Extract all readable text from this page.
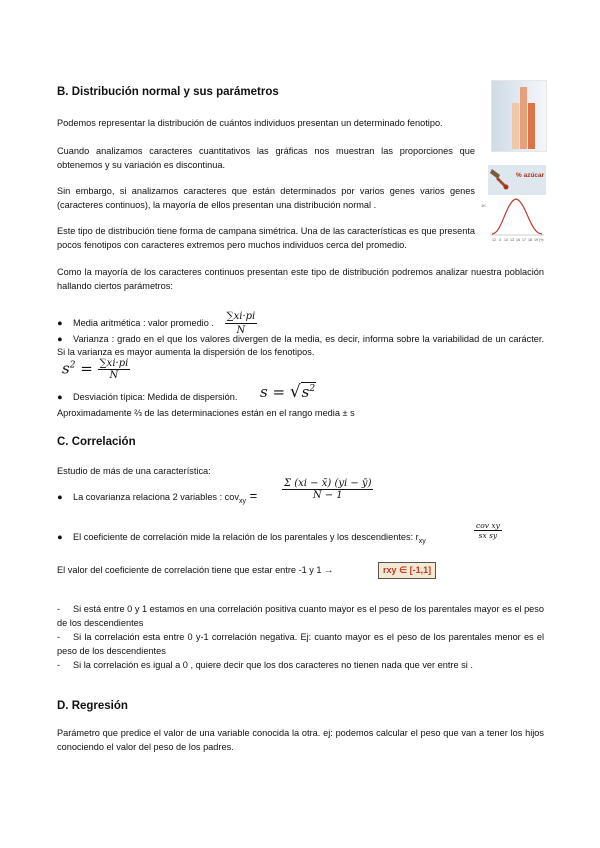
B. Distribución normal y sus parámetros
Podemos representar la distribución de cuántos individuos presentan un determinado fenotipo.
Cuando analizamos caracteres cuantitativos las gráficas nos muestran las proporciones que obtenemos y su variación es discontinua.
Sin embargo, si analizamos caracteres que están determinados por varios genes varios genes (caracteres continuos), la mayoría de ellos presentan una distribución normal .
Este tipo de distribución tiene forma de campana simétrica. Una de las características es que presenta pocos fenotipos con caracteres extremos pero muchos individuos cerca del promedio.
Como la mayoría de los caracteres continuos presentan este tipo de distribución podremos analizar nuestra población hallando ciertos parámetros:
% azúcar
1K
12 3 14 13 16 17 18 19 (%
● Media aritmética : valor promedio . $\frac{\sum xi\cdot pi}{N}$
● Varianza : grado en el que los valores divergen de la media, es decir, informa sobre la variabilidad de un carácter. Si la varianza es mayor aumenta la dispersión de los fenotipos.
$s^2 = \frac{\sum xi\cdot pi}{N}$
● Desviación típica: Medida de dispersión. $s = √s^2$
Aproximadamente ⅔ de las determinaciones están en el rango media ± s
C. Correlación
Estudio de más de una característica:
● La covarianza relaciona 2 variables : $cov_{xy} = \frac{\Sigma (xi - x̄) (yi - ȳ)}{N - 1}$
● El coeficiente de correlación mide la relación de los parentales y los descendientes: $r_{xy}$
$\frac{\text{cov xy}}{\text{sx sy}}$
El valor del coeficiente de correlación tiene que estar entre -1 y 1 →	rxy ∈ [-1,1]
- Si está entre 0 y 1 estamos en una correlación positiva cuanto mayor es el peso de los parentales mayor es el peso de los descendientes
- Si la correlación esta entre 0 y-1 correlación negativa. Ej: cuanto mayor es el peso de los parentales menor es el peso de los descendientes
- Si la correlación es igual a 0 , quiere decir que los dos caracteres no tienen nada que ver entre si .
D. Regresión
Parámetro que predice el valor de una variable conocida la otra. ej: podemos calcular el peso que van a tener los hijos conociendo el valor del peso de los padres.
